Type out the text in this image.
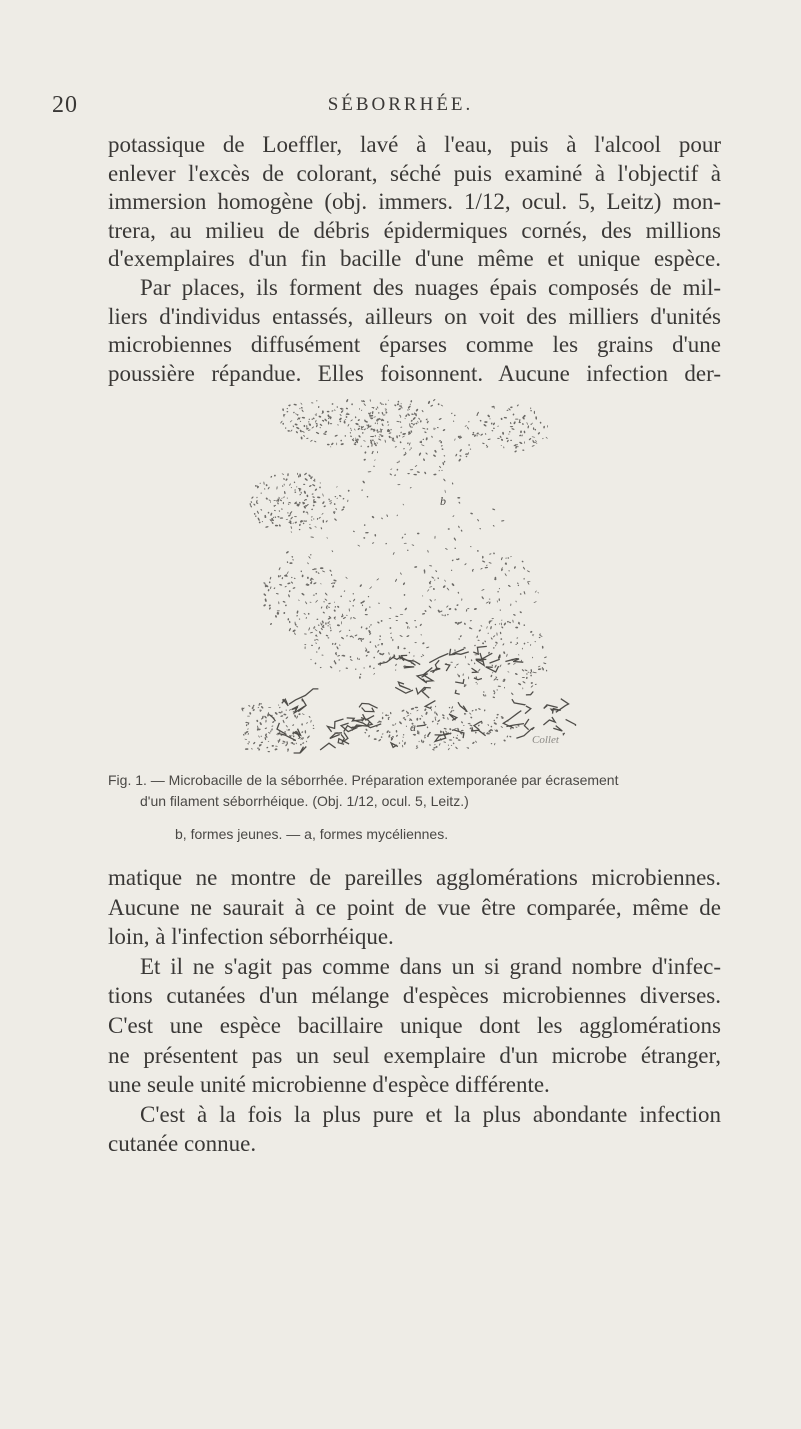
20	SÉBORRHÉE.

potassique de Loeffler, lavé à l'eau, puis à l'alcool pour

enlever l'excès de colorant, séché puis examiné à l'objectif à

immersion homogène (obj. immers. 1/12, ocul. 5, Leitz) mon-

trera, au milieu de débris épidermiques cornés, des millions

d'exemplaires d'un fin bacille d'une même et unique espèce.

Par places, ils forment des nuages épais composés de mil-

liers d'individus entassés, ailleurs on voit des milliers d'unités

microbiennes diffusément éparses comme les grains d'une

poussière répandue. Elles foisonnent. Aucune infection der-

b
a
Collet
Fig. 1. — Microbacille de la séborrhée. Préparation extemporanée par écrasement
d'un filament séborrhéique. (Obj. 1/12, ocul. 5, Leitz.)
b, formes jeunes. — a, formes mycéliennes.

matique ne montre de pareilles agglomérations microbiennes.

Aucune ne saurait à ce point de vue être comparée, même de

loin, à l'infection séborrhéique.

Et il ne s'agit pas comme dans un si grand nombre d'infec-

tions cutanées d'un mélange d'espèces microbiennes diverses.

C'est une espèce bacillaire unique dont les agglomérations

ne présentent pas un seul exemplaire d'un microbe étranger,

une seule unité microbienne d'espèce différente.

C'est à la fois la plus pure et la plus abondante infection

cutanée connue.
